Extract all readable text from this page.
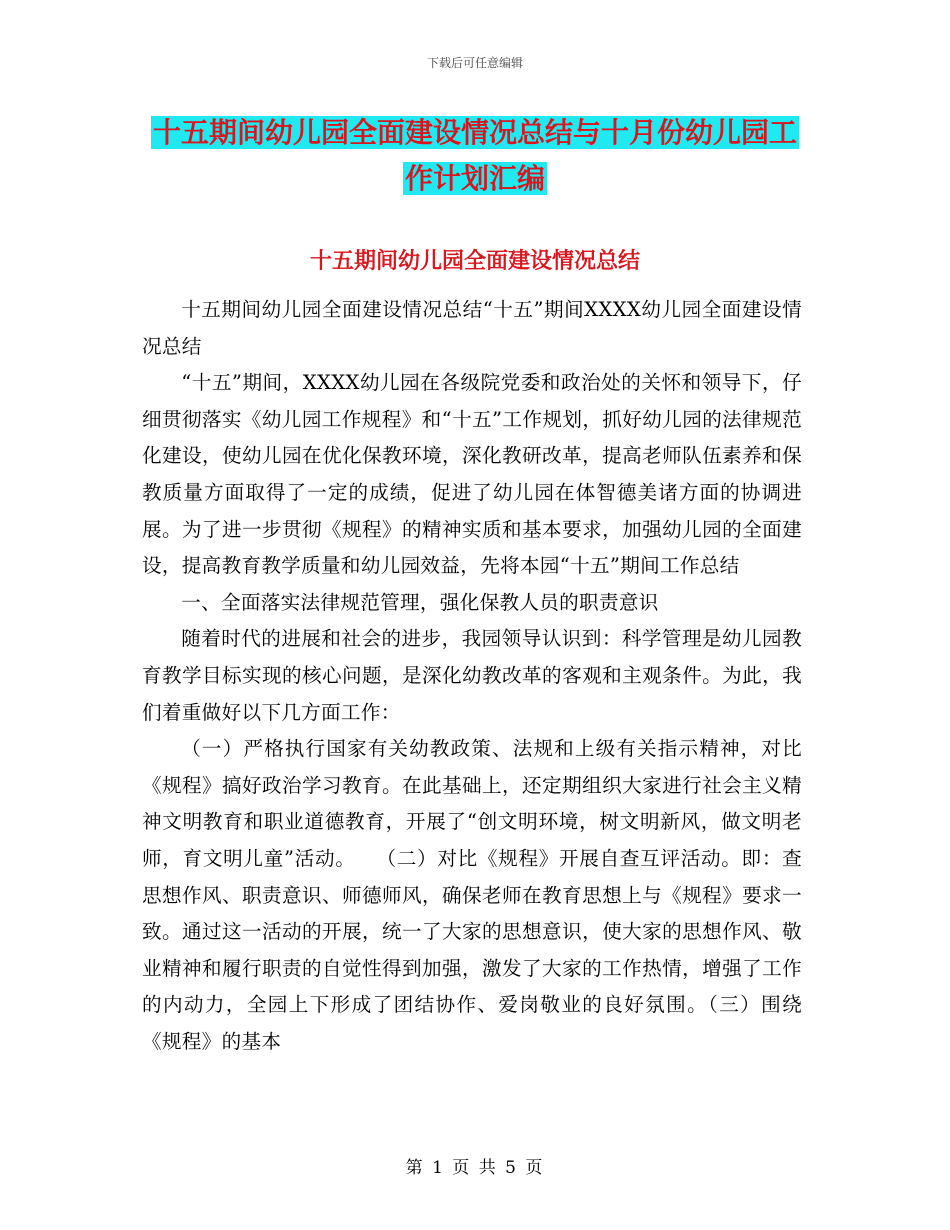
下载后可任意编辑
十五期间幼儿园全面建设情况总结与十月份幼儿园工
作计划汇编
十五期间幼儿园全面建设情况总结

十五期间幼儿园全面建设情况总结“十五”期间XXXX幼儿园全面建设情况总结

“十五”期间，XXXX幼儿园在各级院党委和政治处的关怀和领导下，仔细贯彻落实《幼儿园工作规程》和“十五”工作规划，抓好幼儿园的法律规范化建设，使幼儿园在优化保教环境，深化教研改革，提高老师队伍素养和保教质量方面取得了一定的成绩，促进了幼儿园在体智德美诸方面的协调进展。为了进一步贯彻《规程》的精神实质和基本要求，加强幼儿园的全面建设，提高教育教学质量和幼儿园效益，先将本园“十五”期间工作总结

一、全面落实法律规范管理，强化保教人员的职责意识

随着时代的进展和社会的进步，我园领导认识到：科学管理是幼儿园教育教学目标实现的核心问题，是深化幼教改革的客观和主观条件。为此，我们着重做好以下几方面工作：

（一）严格执行国家有关幼教政策、法规和上级有关指示精神，对比《规程》搞好政治学习教育。在此基础上，还定期组织大家进行社会主义精神文明教育和职业道德教育，开展了“创文明环境，树文明新风，做文明老师，育文明儿童”活动。　　（二）对比《规程》开展自查互评活动。即：查思想作风、职责意识、师德师风，确保老师在教育思想上与《规程》要求一致。通过这一活动的开展，统一了大家的思想意识，使大家的思想作风、敬业精神和履行职责的自觉性得到加强，激发了大家的工作热情，增强了工作的内动力，全园上下形成了团结协作、爱岗敬业的良好氛围。（三）围绕《规程》的基本

第 1 页 共 5 页
